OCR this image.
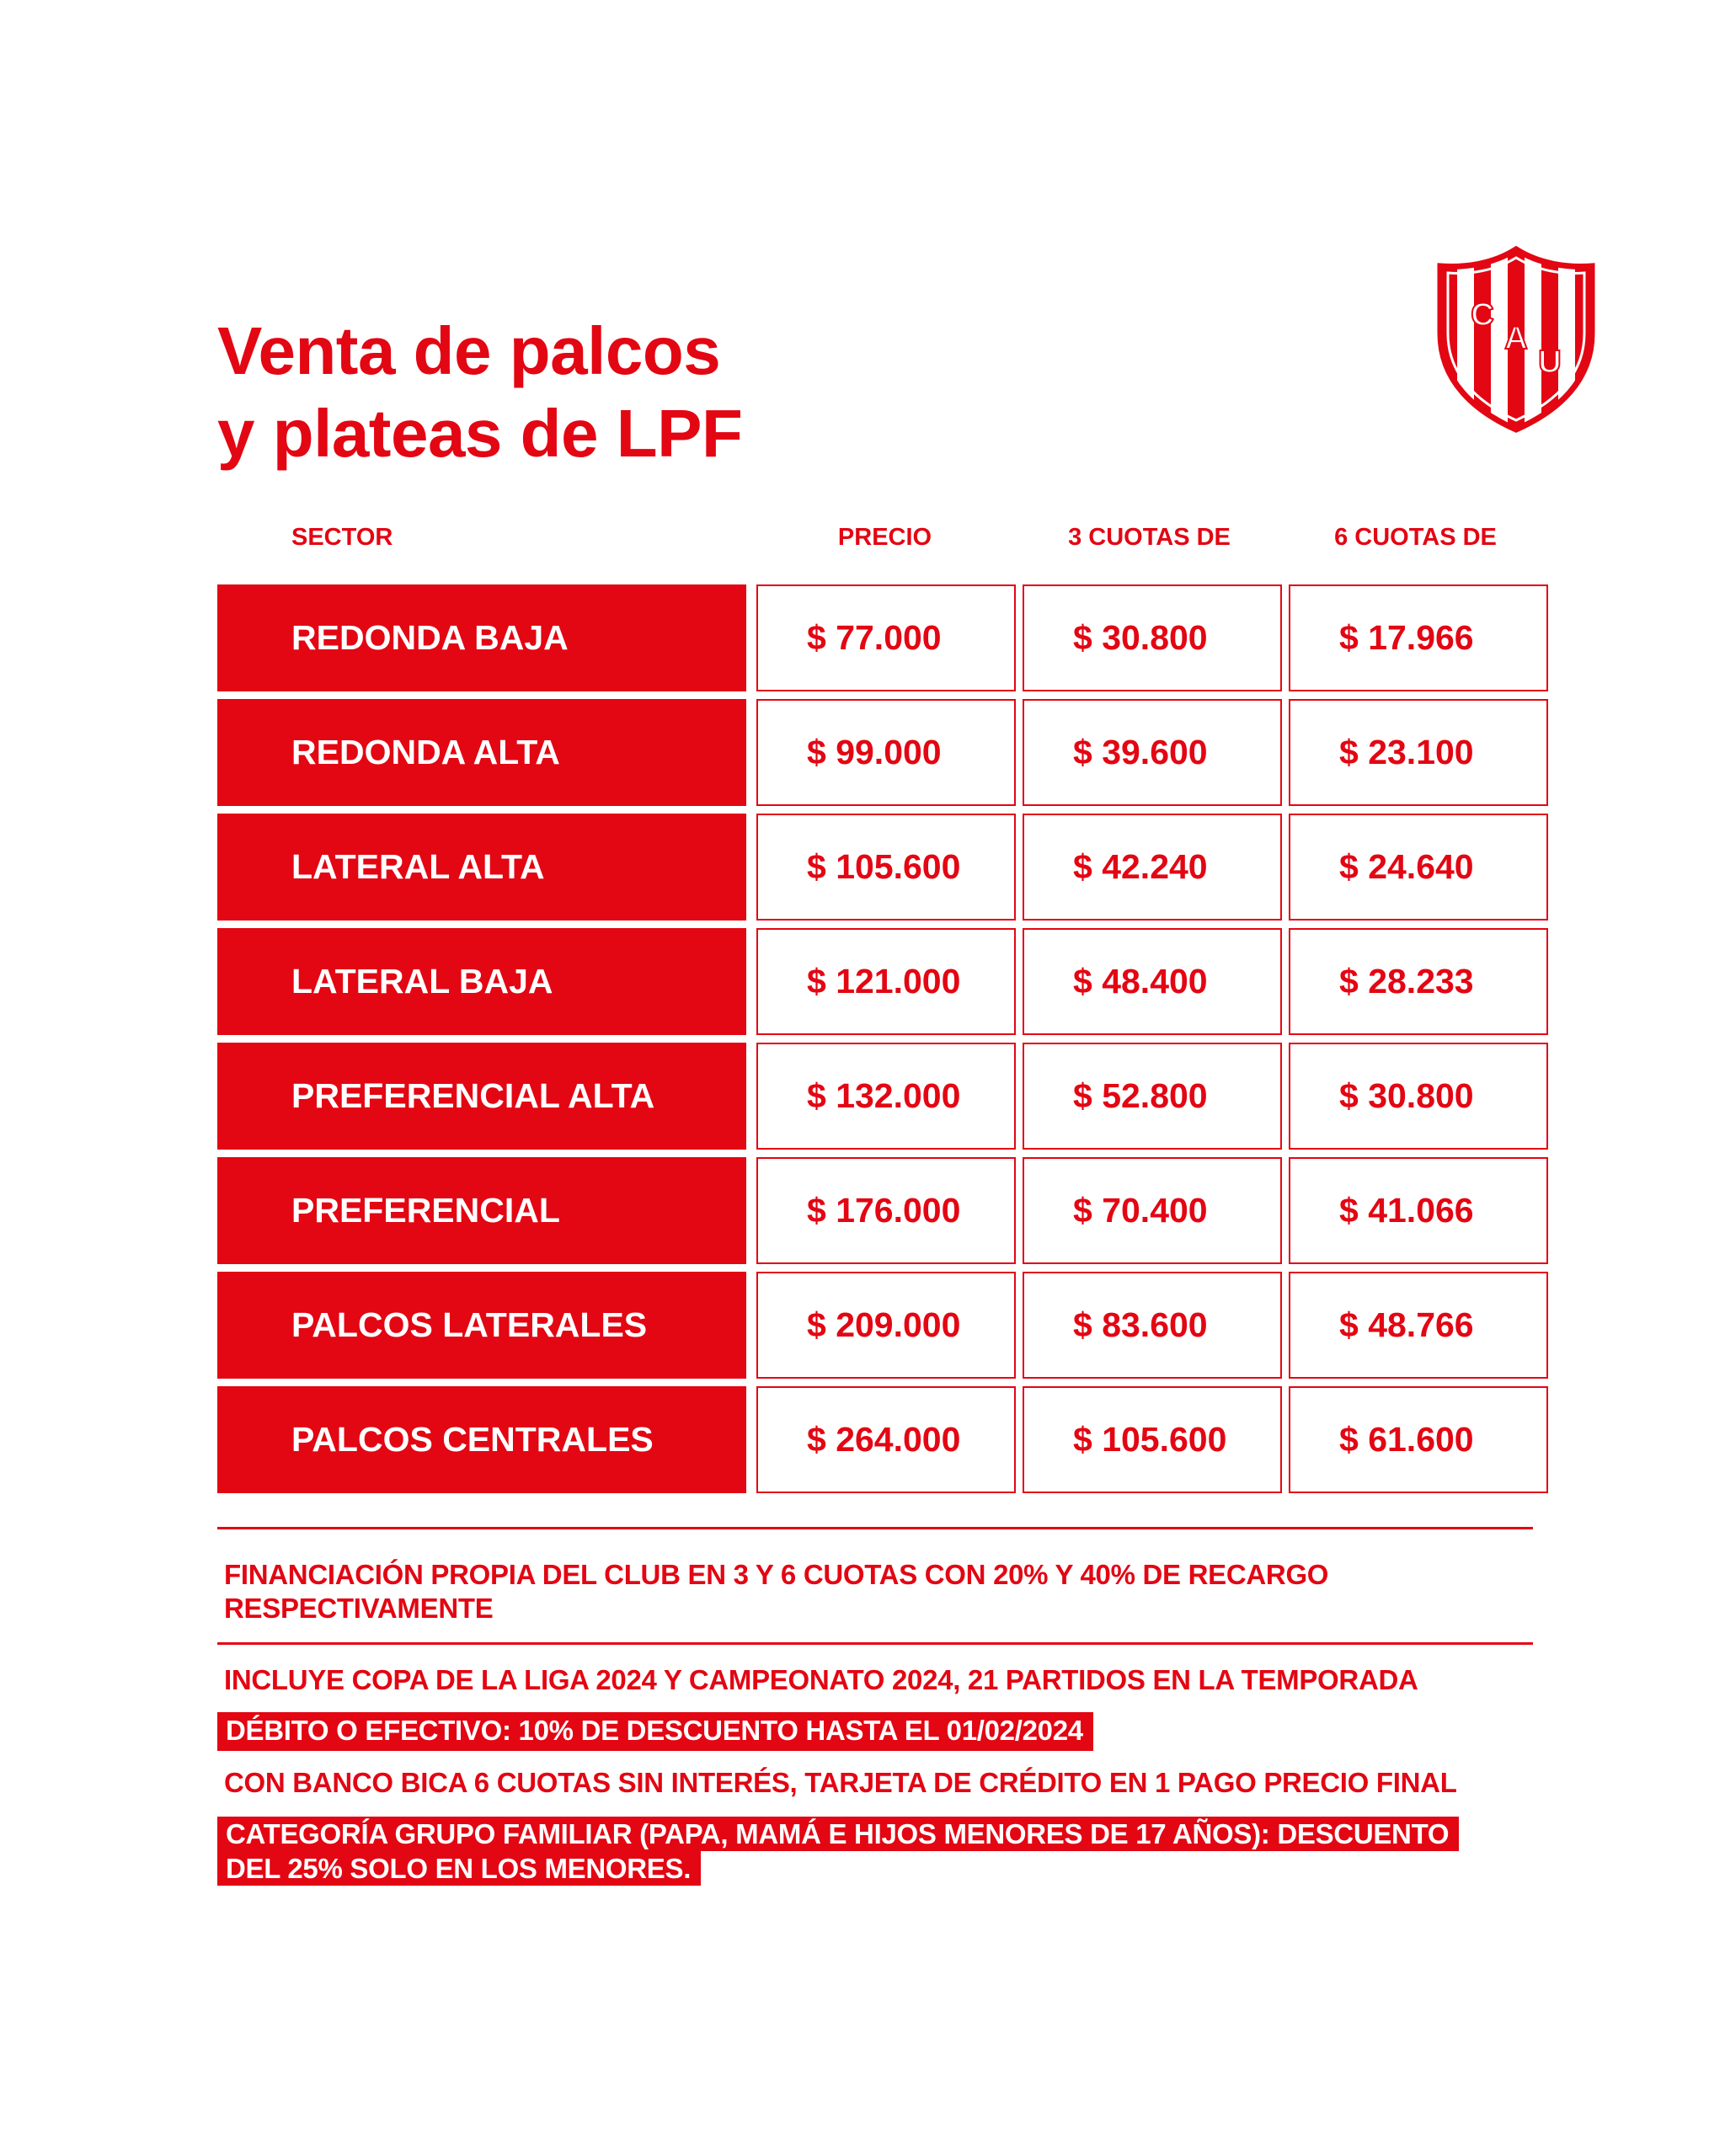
Venta de palcos
y plateas de LPF
C
A
U
SECTOR	PRECIO	3 CUOTAS DE	6 CUOTAS DE
REDONDA BAJA	$ 77.000	$ 30.800	$ 17.966
REDONDA ALTA	$ 99.000	$ 39.600	$ 23.100
LATERAL ALTA	$ 105.600	$ 42.240	$ 24.640
LATERAL BAJA	$ 121.000	$ 48.400	$ 28.233
PREFERENCIAL ALTA	$ 132.000	$ 52.800	$ 30.800
PREFERENCIAL	$ 176.000	$ 70.400	$ 41.066
PALCOS LATERALES	$ 209.000	$ 83.600	$ 48.766
PALCOS CENTRALES	$ 264.000	$ 105.600	$ 61.600
FINANCIACIÓN PROPIA DEL CLUB EN 3 Y 6 CUOTAS CON 20% Y 40% DE RECARGO
RESPECTIVAMENTE
INCLUYE COPA DE LA LIGA 2024 Y CAMPEONATO 2024, 21 PARTIDOS EN LA TEMPORADA
DÉBITO O EFECTIVO: 10% DE DESCUENTO HASTA EL 01/02/2024
CON BANCO BICA 6 CUOTAS SIN INTERÉS, TARJETA DE CRÉDITO EN 1 PAGO PRECIO FINAL
CATEGORÍA GRUPO FAMILIAR (PAPA, MAMÁ E HIJOS MENORES DE 17 AÑOS): DESCUENTO
DEL 25% SOLO EN LOS MENORES.
